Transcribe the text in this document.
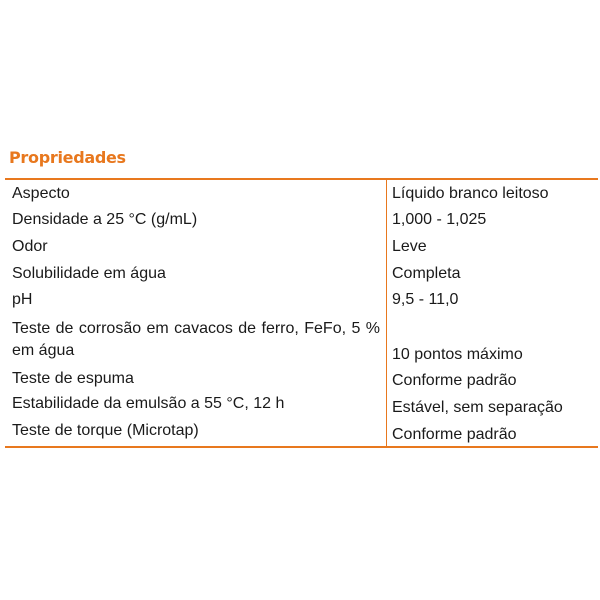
Propriedades
Aspecto	Líquido branco leitoso
Densidade a 25 °C (g/mL)	1,000 - 1,025
Odor	Leve
Solubilidade em água	Completa
pH	9,5 - 11,0
Teste de corrosão em cavacos de ferro, FeFo, 5 % em água	10 pontos máximo
Teste de espuma	Conforme padrão
Estabilidade da emulsão a 55 °C, 12 h	Estável, sem separação
Teste de torque (Microtap)	Conforme padrão
